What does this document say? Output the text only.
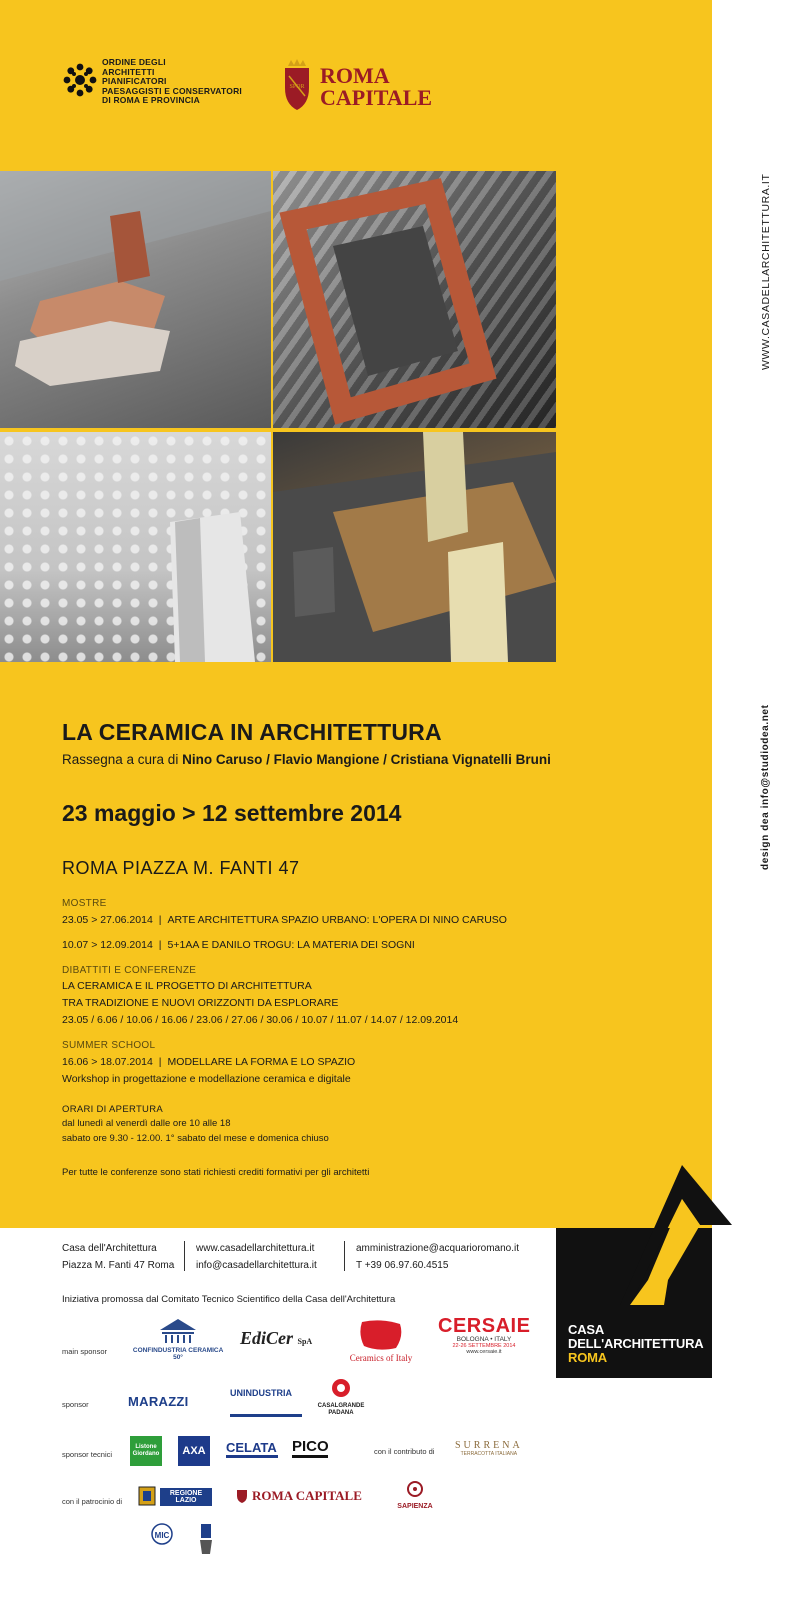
ORDINE DEGLI
ARCHITETTI
PIANIFICATORI
PAESAGGISTI E CONSERVATORI
DI ROMA E PROVINCIA
SPQR ROMA
CAPITALE
WWW.CASADELLARCHITETTURA.IT
design dea info@studiodea.net
LA CERAMICA IN ARCHITETTURA
Rassegna a cura di Nino Caruso / Flavio Mangione / Cristiana Vignatelli Bruni
23 maggio > 12 settembre 2014
ROMA PIAZZA M. FANTI 47
MOSTRE
23.05 > 27.06.2014 | ARTE ARCHITETTURA SPAZIO URBANO: L'OPERA DI NINO CARUSO
10.07 > 12.09.2014 | 5+1AA E DANILO TROGU: LA MATERIA DEI SOGNI
DIBATTITI E CONFERENZE
LA CERAMICA E IL PROGETTO DI ARCHITETTURA
TRA TRADIZIONE E NUOVI ORIZZONTI DA ESPLORARE
23.05 / 6.06 / 10.06 / 16.06 / 23.06 / 27.06 / 30.06 / 10.07 / 11.07 / 14.07 / 12.09.2014
SUMMER SCHOOL
16.06 > 18.07.2014 | MODELLARE LA FORMA E LO SPAZIO
Workshop in progettazione e modellazione ceramica e digitale
ORARI DI APERTURA
dal lunedì al venerdì dalle ore 10 alle 18
sabato ore 9.30 - 12.00. 1° sabato del mese e domenica chiuso
Per tutte le conferenze sono stati richiesti crediti formativi per gli architetti
CASA
DELL'ARCHITETTURA
ROMA
Casa dell'Architettura
Piazza M. Fanti 47 Roma
www.casadellarchitettura.it
info@casadellarchitettura.it
amministrazione@acquarioromano.it
T +39 06.97.60.4515
Iniziativa promossa dal Comitato Tecnico Scientifico della Casa dell'Architettura
main sponsor	CONFINDUSTRIA CERAMICA 50°
EdiCer SpA
Ceramics of Italy
CERSAIE
BOLOGNA • ITALY
22-26 SETTEMBRE 2014
www.cersaie.it
sponsor	MARAZZI
UNINDUSTRIA
CASALGRANDE
PADANA
sponsor tecnici
Listone Giordano	AXA	CELATA PICO	con il contributo di
SURRENA
TERRACOTTA ITALIANA
con il patrocinio di
REGIONE LAZIO	ROMA CAPITALE
SAPIENZA
MIC
